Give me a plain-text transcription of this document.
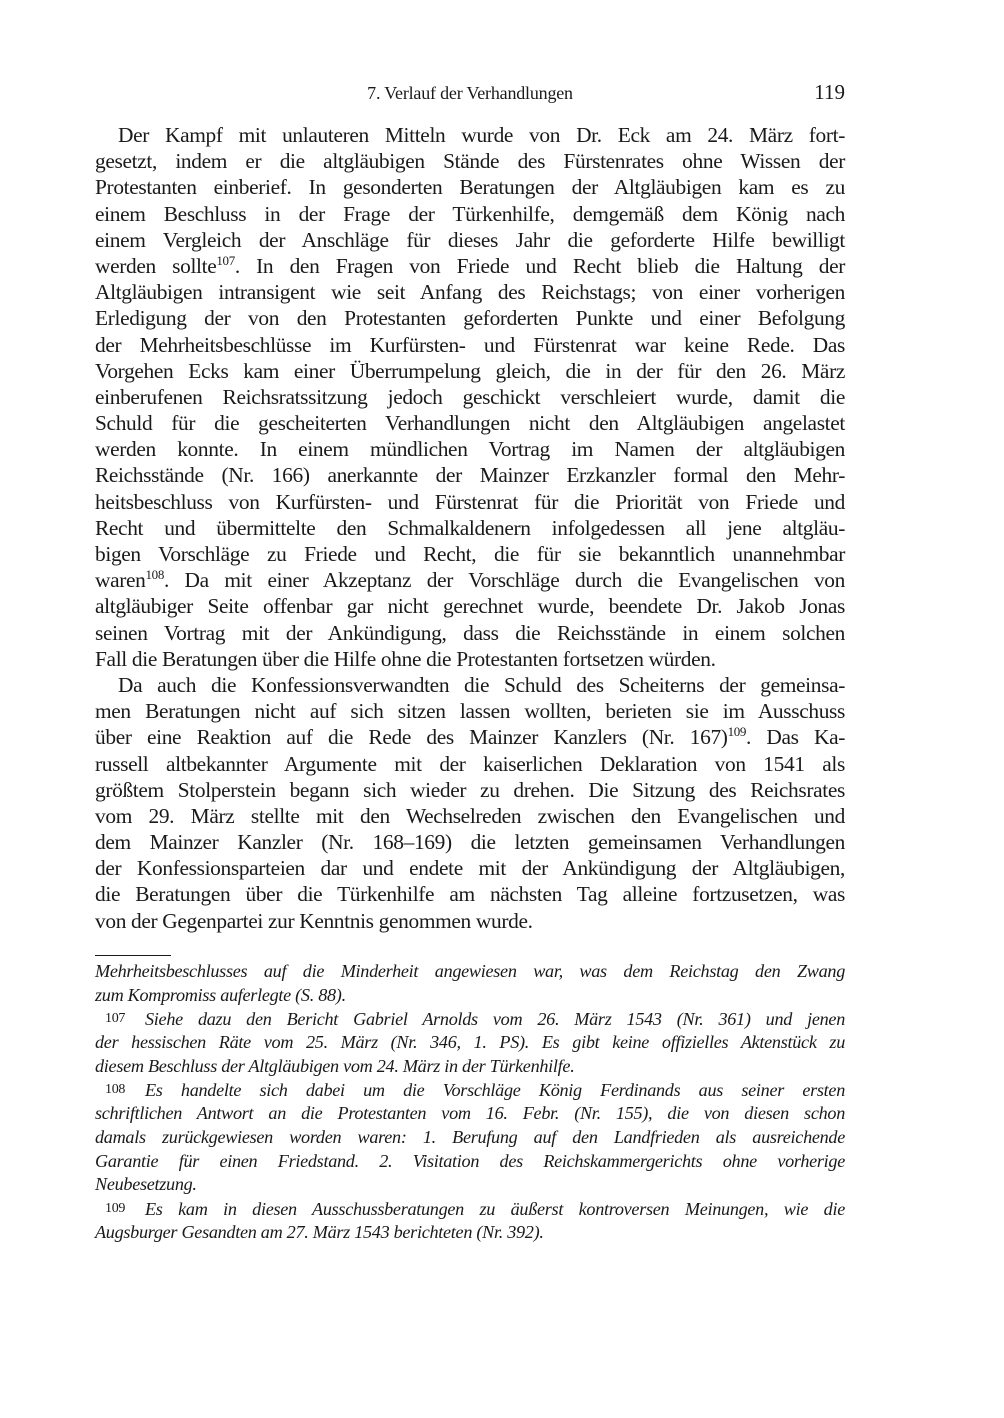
7. Verlauf der Verhandlungen	119
Der Kampf mit unlauteren Mitteln wurde von Dr. Eck am 24. März fort-
gesetzt, indem er die altgläubigen Stände des Fürstenrates ohne Wissen der
Protestanten einberief. In gesonderten Beratungen der Altgläubigen kam es zu
einem Beschluss in der Frage der Türkenhilfe, demgemäß dem König nach
einem Vergleich der Anschläge für dieses Jahr die geforderte Hilfe bewilligt
werden sollte$^{107}$. In den Fragen von Friede und Recht blieb die Haltung der
Altgläubigen intransigent wie seit Anfang des Reichstags; von einer vorherigen
Erledigung der von den Protestanten geforderten Punkte und einer Befolgung
der Mehrheitsbeschlüsse im Kurfürsten- und Fürstenrat war keine Rede. Das
Vorgehen Ecks kam einer Überrumpelung gleich, die in der für den 26. März
einberufenen Reichsratssitzung jedoch geschickt verschleiert wurde, damit die
Schuld für die gescheiterten Verhandlungen nicht den Altgläubigen angelastet
werden konnte. In einem mündlichen Vortrag im Namen der altgläubigen
Reichsstände (Nr. 166) anerkannte der Mainzer Erzkanzler formal den Mehr-
heitsbeschluss von Kurfürsten- und Fürstenrat für die Priorität von Friede und
Recht und übermittelte den Schmalkaldenern infolgedessen all jene altgläu-
bigen Vorschläge zu Friede und Recht, die für sie bekanntlich unannehmbar
waren$^{108}$. Da mit einer Akzeptanz der Vorschläge durch die Evangelischen von
altgläubiger Seite offenbar gar nicht gerechnet wurde, beendete Dr. Jakob Jonas
seinen Vortrag mit der Ankündigung, dass die Reichsstände in einem solchen
Fall die Beratungen über die Hilfe ohne die Protestanten fortsetzen würden.
Da auch die Konfessionsverwandten die Schuld des Scheiterns der gemeinsa-
men Beratungen nicht auf sich sitzen lassen wollten, berieten sie im Ausschuss
über eine Reaktion auf die Rede des Mainzer Kanzlers (Nr. 167)$^{109}$. Das Ka-
russell altbekannter Argumente mit der kaiserlichen Deklaration von 1541 als
größtem Stolperstein begann sich wieder zu drehen. Die Sitzung des Reichsrates
vom 29. März stellte mit den Wechselreden zwischen den Evangelischen und
dem Mainzer Kanzler (Nr. 168–169) die letzten gemeinsamen Verhandlungen
der Konfessionsparteien dar und endete mit der Ankündigung der Altgläubigen,
die Beratungen über die Türkenhilfe am nächsten Tag alleine fortzusetzen, was
von der Gegenpartei zur Kenntnis genommen wurde.
Mehrheitsbeschlusses auf die Minderheit angewiesen war, was dem Reichstag den Zwang
zum Kompromiss auferlegte (S. 88).
107 Siehe dazu den Bericht Gabriel Arnolds vom 26. März 1543 (Nr. 361) und jenen
der hessischen Räte vom 25. März (Nr. 346, 1. PS). Es gibt keine offizielles Aktenstück zu
diesem Beschluss der Altgläubigen vom 24. März in der Türkenhilfe.
108 Es handelte sich dabei um die Vorschläge König Ferdinands aus seiner ersten
schriftlichen Antwort an die Protestanten vom 16. Febr. (Nr. 155), die von diesen schon
damals zurückgewiesen worden waren: 1. Berufung auf den Landfrieden als ausreichende
Garantie für einen Friedstand. 2. Visitation des Reichskammergerichts ohne vorherige
Neubesetzung.
109 Es kam in diesen Ausschussberatungen zu äußerst kontroversen Meinungen, wie die
Augsburger Gesandten am 27. März 1543 berichteten (Nr. 392).
